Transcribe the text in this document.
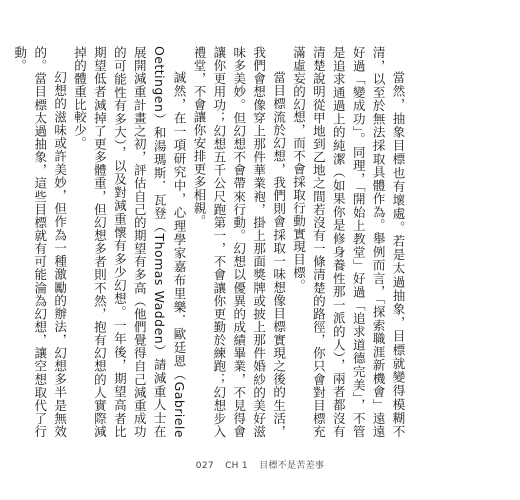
當然，抽象目標也有壞處。若是太過抽象，目標就變得模糊不清，以至於無法採取具體作為。舉例而言，「探索職涯新機會」遠遠好過「變成功」。同理，「開始上教堂」好過「追求道德完美」，不管是追求通過上的純潔（如果你是修身養性那一派的人），兩者都沒有清楚說明從甲地到乙地之間若沒有一條清楚的路徑，你只會對目標充滿虛妄的幻想，而不會採取行動實現目標。

當目標流於幻想，我們則會採取一味想像目標實現之後的生活，我們會想像穿上那件華業袍，掛上那面獎牌或披上那件婚紗的美好滋味多美妙。但幻想不會帶來行動。幻想以優異的成績畢業，不見得會讓你更用功；幻想五千公尺跑第一，不會讓你更勤於練跑；幻想步入禮堂，不會讓你安排更多相親。

誠然，在一項研究中，心理學家嘉布里樂．歐廷恩（Gabriele Oettingen）和湯瑪斯．瓦登（Thomas Wadden）請減重人士在展開減重計畫之初，評估自己的期望有多高（他們覺得自己減重成功的可能性有多大），以及對減重懷有多少幻想。一年後，期望高者比期望低者減掉了更多體重，但幻想多者則不然，抱有幻想的人實際減掉的體重比較少。

幻想的滋味或許美妙，但作為一種激勵的辦法，幻想多半是無效的。當目標太過抽象，這些目標就有可能淪為幻想，讓空想取代了行動。

027 CH 1 目標不是苦差事
